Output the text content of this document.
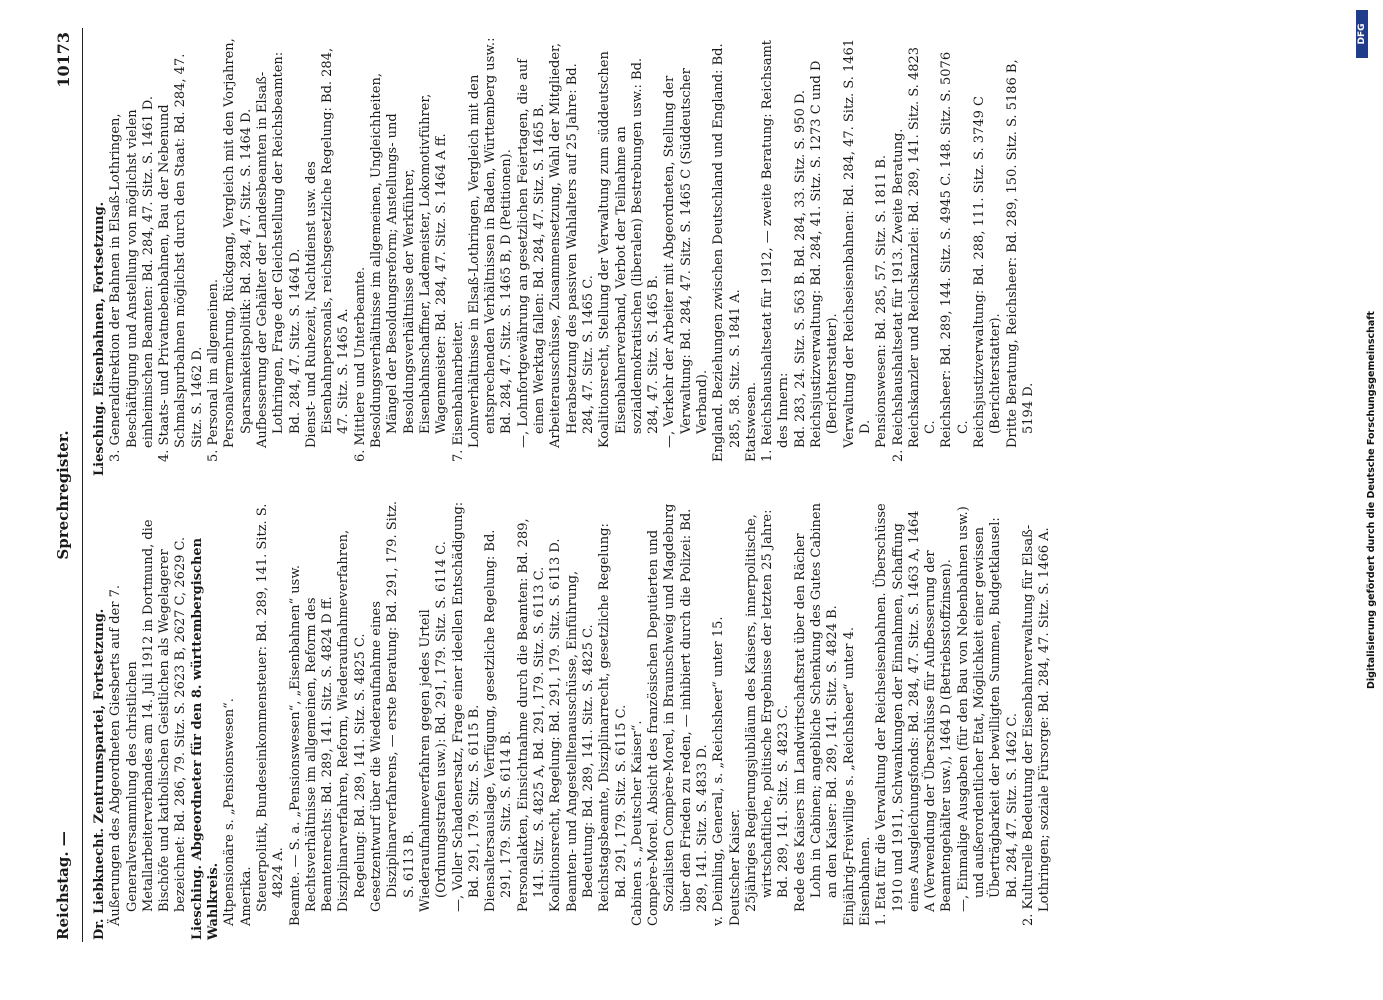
Reichstag. —
Sprechregister.
10173

Dr. Liebknecht. Zentrumspartei, Fortsetzung. Äußerungen des Abgeordneten Giesberts auf der 7. Generalversammlung des christlichen Metallarbeiterverbandes am 14. Juli 1912 in Dortmund, die Bischöfe und katholischen Geistlichen als Wegelagerer bezeichnet: Bd. 286, 79. Sitz. S. 2623 B, 2627 C, 2629 C. Liesching. Abgeordneter für den 8. württembergischen Wahlkreis. Altpensionäre s. „Pensionswesen“. Amerika. Steuerpolitik, Bundeseinkommensteuer: Bd. 289, 141. Sitz. S. 4824 A. Beamte. — S. a. „Pensionswesen“, „Eisenbahnen“ usw. Rechtsverhältnisse im allgemeinen, Reform des Beamtenrechts: Bd. 289, 141. Sitz. S. 4824 D ff. Disziplinarverfahren, Reform, Wiederaufnahmeverfahren, Regelung: Bd. 289, 141. Sitz. S. 4825 C. Gesetzentwurf über die Wiederaufnahme eines Disziplinarverfahrens, — erste Beratung: Bd. 291, 179. Sitz. S. 6113 B. Wiederaufnahmeverfahren gegen jedes Urteil (Ordnungsstrafen usw.): Bd. 291, 179. Sitz. S. 6114 C. —, Voller Schadenersatz, Frage einer ideellen Entschädigung: Bd. 291, 179. Sitz. S. 6115 B. Diensaltersauslage, Verfügung, gesetzliche Regelung: Bd. 291, 179. Sitz. S. 6114 B. Personalakten, Einsichtnahme durch die Beamten: Bd. 289, 141. Sitz. S. 4825 A, Bd. 291, 179. Sitz. S. 6113 C. Koalitionsrecht, Regelung: Bd. 291, 179. Sitz. S. 6113 D. Beamten- und Angestelltenausschüsse, Einführung, Bedeutung: Bd. 289, 141. Sitz. S. 4825 C. Reichstagsbeamte, Disziplinarrecht, gesetzliche Regelung: Bd. 291, 179. Sitz. S. 6115 C. Cabinen s. „Deutscher Kaiser“. Compère-Morel. Absicht des französischen Deputierten und Sozialisten Compère-Morel, in Braunschweig und Magdeburg über den Frieden zu reden, — inhibiert durch die Polizei: Bd. 289, 141. Sitz. S. 4833 D. v. Deimling, General, s. „Reichsheer“ unter 15. Deutscher Kaiser. 25jähriges Regierungsjubiläum des Kaisers, innerpolitische, wirtschaftliche, politische Ergebnisse der letzten 25 Jahre: Bd. 289, 141. Sitz. S. 4823 C. Rede des Kaisers im Landwirtschaftsrat über den Rächer Lohn in Cabinen; angebliche Schenkung des Gutes Cabinen an den Kaiser: Bd. 289, 141. Sitz. S. 4824 B. Einjährig-Freiwillige s. „Reichsheer“ unter 4. Eisenbahnen. 1. Etat für die Verwaltung der Reichseisenbahnen. Überschüsse 1910 und 1911, Schwankungen der Einnahmen, Schaffung eines Ausgleichungsfonds: Bd. 284, 47. Sitz. S. 1463 A, 1464 A (Verwendung der Überschüsse für Aufbesserung der Beamtengehälter usw.), 1464 D (Betriebsstoffzinsen). —, Einmalige Ausgaben (für den Bau von Nebenbahnen usw.) und außerordentlicher Etat, Möglichkeit einer gewissen Überträgbarkeit der bewilligten Summen, Budgetklausel: Bd. 284, 47. Sitz. S. 1462 C. 2. Kulturelle Bedeutung der Eisenbahnverwaltung für Elsaß-Lothringen; soziale Fürsorge: Bd. 284, 47. Sitz. S. 1466 A.

Liesching. Eisenbahnen, Fortsetzung. 3. Generaldirektion der Bahnen in Elsaß-Lothringen, Beschäftigung und Anstellung von möglichst vielen einheimischen Beamten: Bd. 284, 47. Sitz. S. 1461 D. 4. Staats- und Privatnebenbahnen, Bau der Nebenund Schmalspurbahnen möglichst durch den Staat: Bd. 284, 47. Sitz. S. 1462 D. 5. Personal im allgemeinen. Personalvermehrung, Rückgang, Vergleich mit den Vorjahren, Sparsamkeitspolitik: Bd. 284, 47. Sitz. S. 1464 D. Aufbesserung der Gehälter der Landesbeamten in Elsaß-Lothringen, Frage der Gleichstellung der Reichsbeamten: Bd. 284, 47. Sitz. S. 1464 D. Dienst- und Ruhezeit, Nachtdienst usw. des Eisenbahnpersonals, reichsgesetzliche Regelung: Bd. 284, 47. Sitz. S. 1465 A. 6. Mittlere und Unterbeamte. Besoldungsverhältnisse im allgemeinen, Ungleichheiten, Mängel der Besoldungsreform; Anstellungs- und Besoldungsverhältnisse der Werkführer, Eisenbahnschaffner, Lademeister, Lokomotivführer, Wagenmeister: Bd. 284, 47. Sitz. S. 1464 A ff. 7. Eisenbahnarbeiter. Lohnverhältnisse in Elsaß-Lothringen, Vergleich mit den entsprechenden Verhältnissen in Baden, Württemberg usw.: Bd. 284, 47. Sitz. S. 1465 B, D (Petitionen). —, Lohnfortgewährung an gesetzlichen Feiertagen, die auf einen Werktag fallen: Bd. 284, 47. Sitz. S. 1465 B. Arbeiterausschüsse, Zusammensetzung, Wahl der Mitglieder, Herabsetzung des passiven Wahlalters auf 25 Jahre: Bd. 284, 47. Sitz. S. 1465 C. Koalitionsrecht, Stellung der Verwaltung zum süddeutschen Eisenbahnerverband, Verbot der Teilnahme an sozialdemokratischen (liberalen) Bestrebungen usw.: Bd. 284, 47. Sitz. S. 1465 B. —, Verkehr der Arbeiter mit Abgeordneten, Stellung der Verwaltung: Bd. 284, 47. Sitz. S. 1465 C (Süddeutscher Verband). England. Beziehungen zwischen Deutschland und England: Bd. 285, 58. Sitz. S. 1841 A. Etatswesen. 1. Reichshaushaltsetat für 1912, — zweite Beratung: Reichsamt des Innern: Bd. 283, 24. Sitz. S. 563 B. Bd. 284, 33. Sitz. S. 950 D. Reichsjustizverwaltung: Bd. 284, 41. Sitz. S. 1273 C und D (Berichterstatter). Verwaltung der Reichseisenbahnen: Bd. 284, 47. Sitz. S. 1461 D. Pensionswesen: Bd. 285, 57. Sitz. S. 1811 B. 2. Reichshaushaltsetat für 1913. Zweite Beratung. Reichskanzler und Reichskanzlei: Bd. 289, 141. Sitz. S. 4823 C. Reichsheer: Bd. 289, 144. Sitz. S. 4945 C. 148. Sitz. S. 5076 C. Reichsjustizverwaltung: Bd. 288, 111. Sitz. S. 3749 C (Berichterstatter). Dritte Beratung, Reichsheer: Bd. 289, 150. Sitz. S. 5186 B, 5194 D.	Digitalisierung gefördert durch die Deutsche Forschungsgemeinschaft
DFG
